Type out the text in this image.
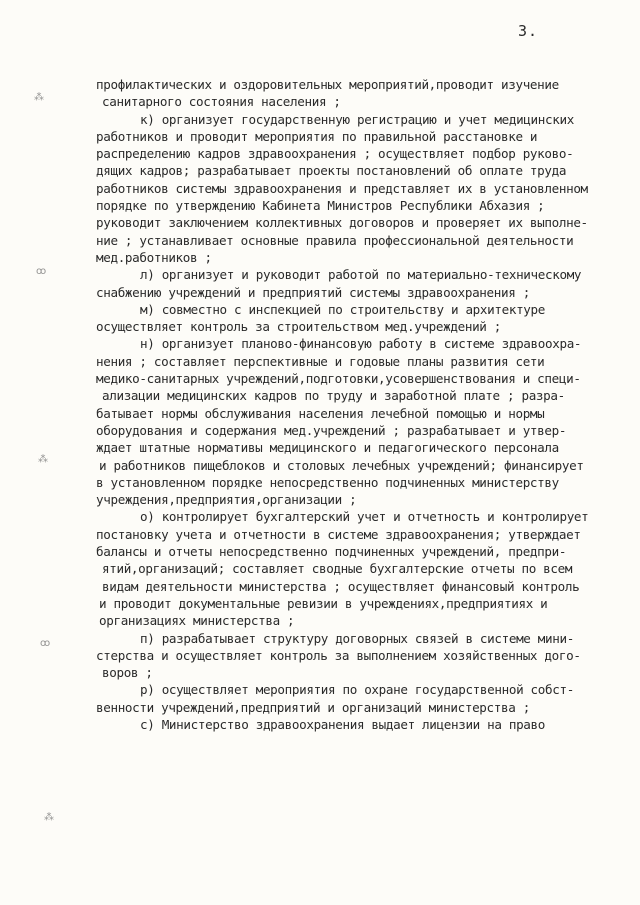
3.
⁂
ꝏ
⁂
ꝏ
⁂
профилактических и оздоровительных мероприятий,проводит изучение
санитарного состояния населения ;
к) организует государственную регистрацию и учет медицинских
работников и проводит мероприятия по правильной расстановке и
распределению кадров здравоохранения ; осуществляет подбор руково-
дящих кадров; разрабатывает проекты постановлений об оплате труда
работников системы здравоохранения и представляет их в установленном
порядке по утверждению Кабинета Министров Республики Абхазия ;
руководит заключением коллективных договоров и проверяет их выполне-
ние ; устанавливает основные пpaвилa профессиональной деятельности
мед.работников ;
л) организует и руководит работой по материально-техническому
снабжению учреждений и предприятий системы здравоохранения ;
м) совместно с инспекцией по строительству и архитектуре
осуществляет контроль за строительством мед.учреждений ;
н) организует планово-финансовую работу в системе здравоохра-
нения ; составляет перспективные и годовые планы развития сети
медико-санитарных учреждений,подготовки,усовершенствования и специ-
ализации медицинских кадров по труду и заработной плате ; разра-
батывает нормы обслуживания населения лечебной помощью и нормы
оборудования и содержания мед.учреждений ; разрабатывает и утвер-
ждает штатные нормативы медицинского и педагогического персонала
и работников пищеблоков и столовых лечебных учреждений; финансирует
в установленном порядке непосредственно подчиненных министерству
учреждения,предприятия,организации ;
о) контролирует бухгалтерский учет и отчетность и контролирует
постановку учета и отчетности в системе здравоохранения; утверждает
балансы и отчеты непосредственно подчиненных учреждений, предпри-
ятий,организаций; составляет сводные бухгалтерские отчеты по всем
видам деятельности министерства ; осуществляет финансовый контроль
и проводит документальные ревизии в учреждениях,предприятиях и
организациях министерства ;
п) разрабатывает структуру договорных связей в системе мини-
стерства и осуществляет контроль за выполнением хозяйственных дого-
воров ;
р) осуществляет мероприятия по охране государственной собст-
венности учреждений,предприятий и организаций министерства ;
с) Министерство здравоохранения выдает лицензии на право
